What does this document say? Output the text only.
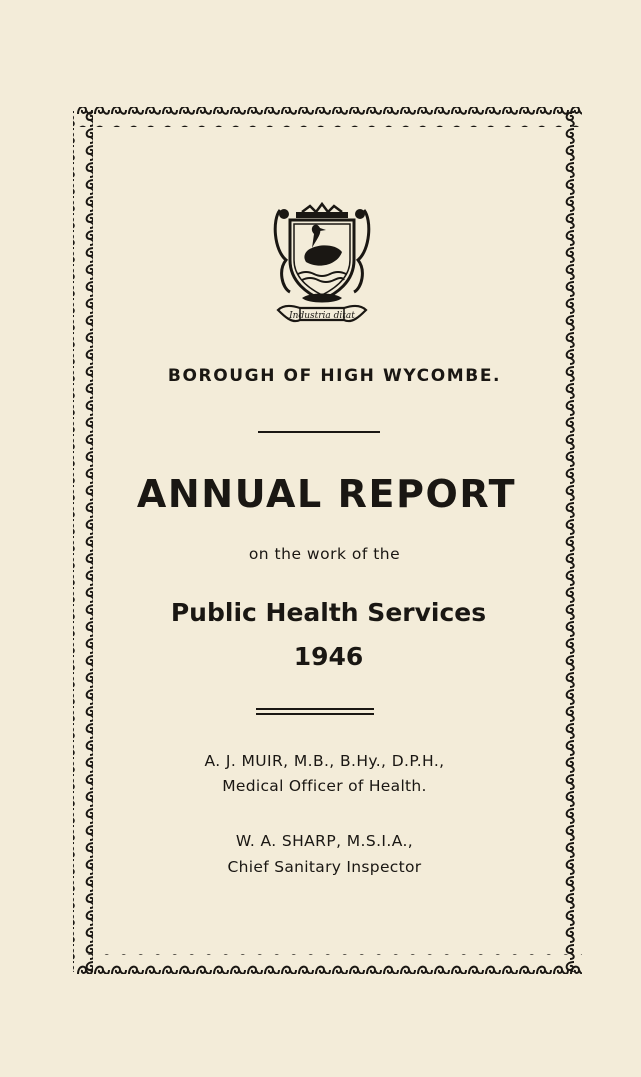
Industria ditat

BOROUGH OF HIGH WYCOMBE.

ANNUAL REPORT

on the work of the

Public Health Services

1946

A. J. MUIR, M.B., B.Hy., D.P.H.,

Medical Officer of Health.

W. A. SHARP, M.S.I.A.,

Chief Sanitary Inspector
